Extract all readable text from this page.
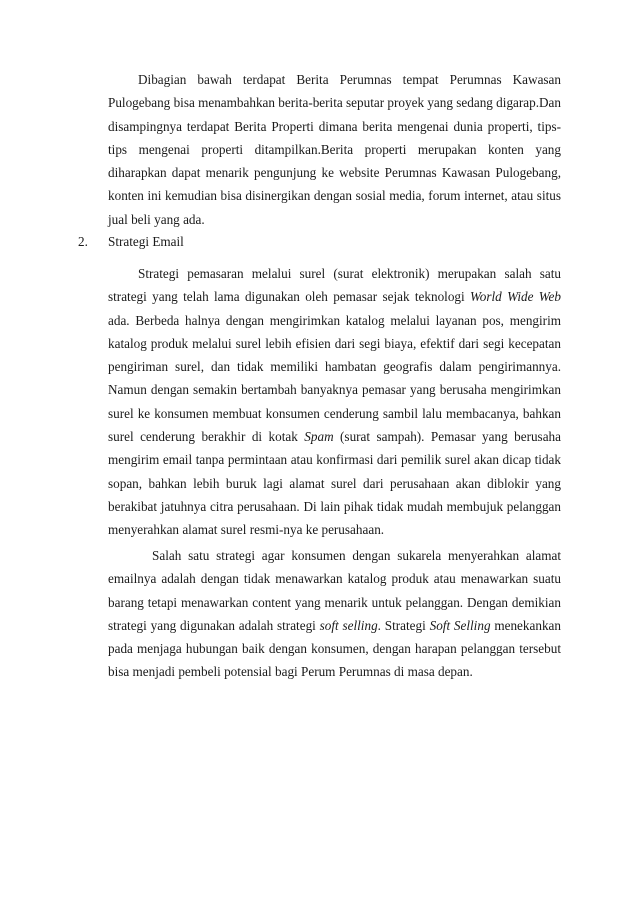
Dibagian bawah terdapat Berita Perumnas tempat Perumnas Kawasan Pulogebang bisa menambahkan berita-berita seputar proyek yang sedang digarap.Dan disampingnya terdapat Berita Properti dimana berita mengenai dunia properti, tips-tips mengenai properti ditampilkan.Berita properti merupakan konten yang diharapkan dapat menarik pengunjung ke website Perumnas Kawasan Pulogebang, konten ini kemudian bisa disinergikan dengan sosial media, forum internet, atau situs jual beli yang ada.

2. Strategi Email

Strategi pemasaran melalui surel (surat elektronik) merupakan salah satu strategi yang telah lama digunakan oleh pemasar sejak teknologi World Wide Web ada. Berbeda halnya dengan mengirimkan katalog melalui layanan pos, mengirim katalog produk melalui surel lebih efisien dari segi biaya, efektif dari segi kecepatan pengiriman surel, dan tidak memiliki hambatan geografis dalam pengirimannya. Namun dengan semakin bertambah banyaknya pemasar yang berusaha mengirimkan surel ke konsumen membuat konsumen cenderung sambil lalu membacanya, bahkan surel cenderung berakhir di kotak Spam (surat sampah). Pemasar yang berusaha mengirim email tanpa permintaan atau konfirmasi dari pemilik surel akan dicap tidak sopan, bahkan lebih buruk lagi alamat surel dari perusahaan akan diblokir yang berakibat jatuhnya citra perusahaan. Di lain pihak tidak mudah membujuk pelanggan menyerahkan alamat surel resmi-nya ke perusahaan.

Salah satu strategi agar konsumen dengan sukarela menyerahkan alamat emailnya adalah dengan tidak menawarkan katalog produk atau menawarkan suatu barang tetapi menawarkan content yang menarik untuk pelanggan. Dengan demikian strategi yang digunakan adalah strategi soft selling. Strategi Soft Selling menekankan pada menjaga hubungan baik dengan konsumen, dengan harapan pelanggan tersebut bisa menjadi pembeli potensial bagi Perum Perumnas di masa depan.
